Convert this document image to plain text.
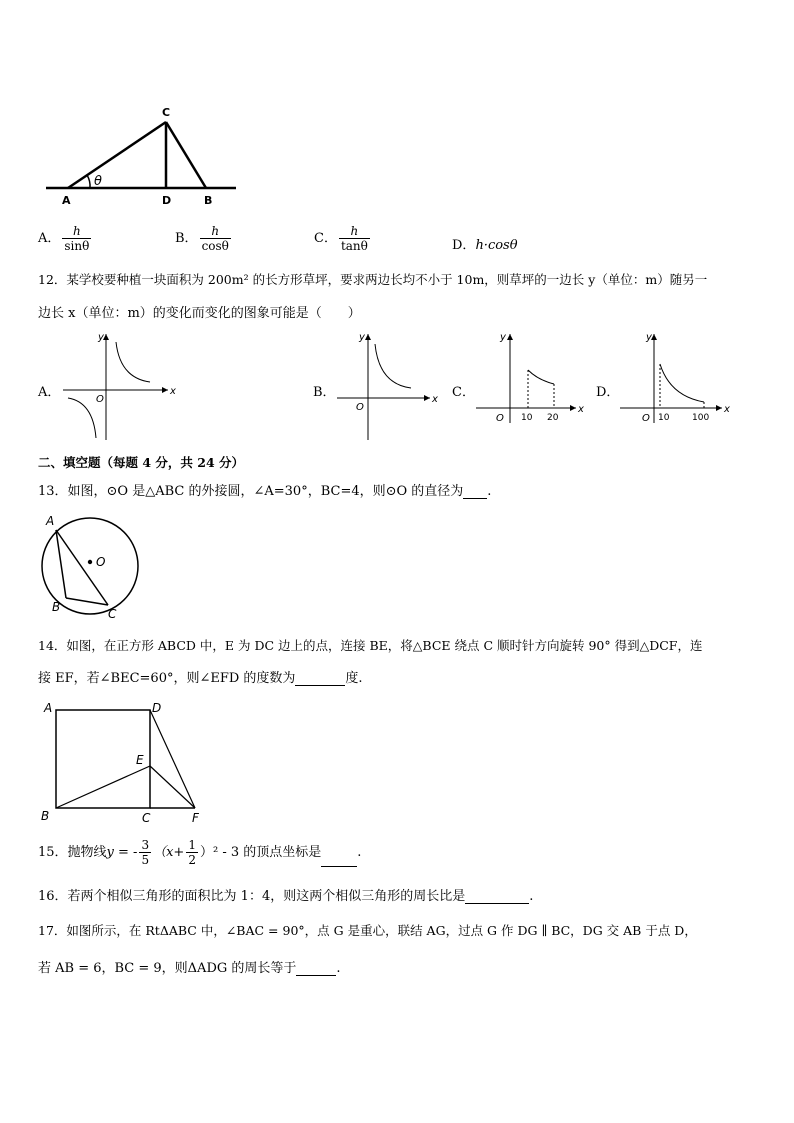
C
A	D	B
θ
A． $\frac{h}{\sin\theta}$	B． $\frac{h}{\cos\theta}$	C． $\frac{h}{\tan\theta}$	D．h·cosθ
12．某学校要种植一块面积为 200m² 的长方形草坪，要求两边长均不小于 10m，则草坪的一边长 y（单位：m）随另一
边长 x（单位：m）的变化而变化的图象可能是（　　）
A．
y
x
O	B．
y
x
O
C．
y
x
O 10 20
D．
y
x
O 10	100
二、填空题（每题 4 分，共 24 分）
13．如图，⊙O 是△ABC 的外接圆，∠A=30°，BC=4，则⊙O 的直径为 .
A
B	C
O
14．如图，在正方形 ABCD 中，E 为 DC 边上的点，连接 BE，将△BCE 绕点 C 顺时针方向旋转 90° 得到△DCF，连
接 EF，若∠BEC=60°，则∠EFD 的度数为	度.
A	D
E
B	C	F
15．抛物线y = - $\frac{3}{5} (x+ \frac{1}{2} )^2 - 3$ 的顶点坐标是	.
16．若两个相似三角形的面积比为 1：4，则这两个相似三角形的周长比是	.
17．如图所示，在 RtΔABC 中，∠BAC = 90°，点 G 是重心，联结 AG，过点 G 作 DG ∥ BC，DG 交 AB 于点 D，
若 AB = 6，BC = 9，则ΔADG 的周长等于	.
